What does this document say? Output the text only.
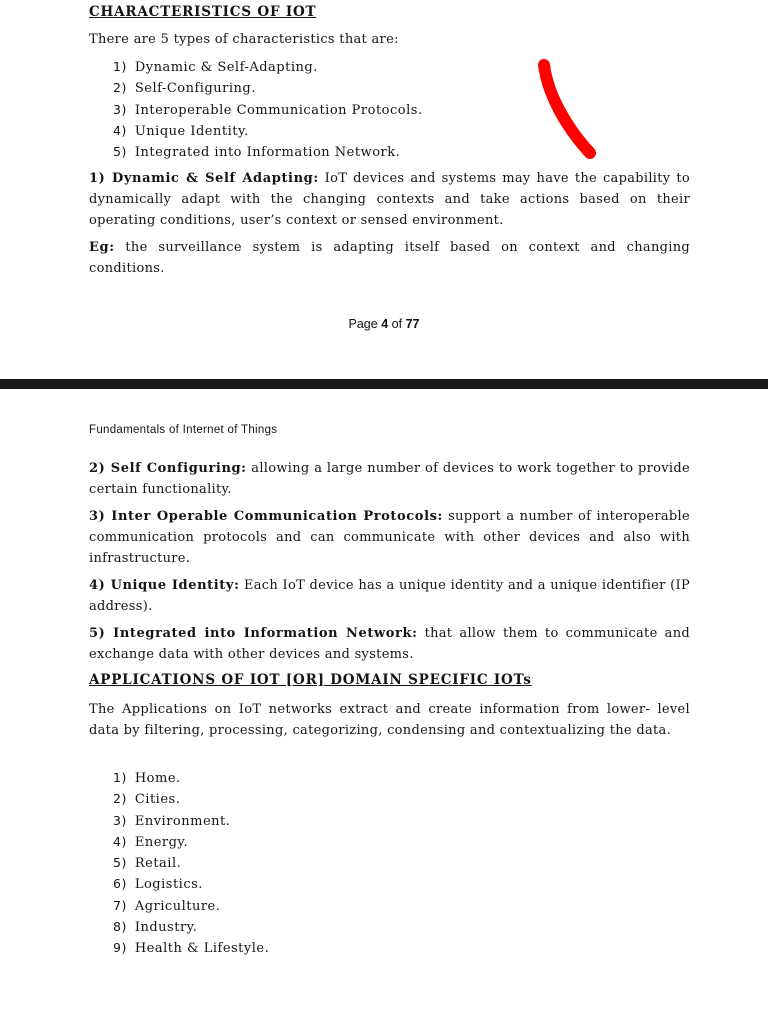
CHARACTERISTICS OF IOT

There are 5 types of characteristics that are:

1) Dynamic & Self-Adapting.
2) Self-Configuring.
3) Interoperable Communication Protocols.
4) Unique Identity.
5) Integrated into Information Network.

1) Dynamic & Self Adapting: IoT devices and systems may have the capability to dynamically adapt with the changing contexts and take actions based on their operating conditions, user’s context or sensed environment.

Eg: the surveillance system is adapting itself based on context and changing conditions.

Page 4 of 77

Fundamentals of Internet of Things

2) Self Configuring: allowing a large number of devices to work together to provide certain functionality.

3) Inter Operable Communication Protocols: support a number of interoperable communication protocols and can communicate with other devices and also with infrastructure.

4) Unique Identity: Each IoT device has a unique identity and a unique identifier (IP address).

5) Integrated into Information Network: that allow them to communicate and exchange data with other devices and systems.

APPLICATIONS OF IOT [OR] DOMAIN SPECIFIC IOTs

The Applications on IoT networks extract and create information from lower- level data by filtering, processing, categorizing, condensing and contextualizing the data.

1) Home.
2) Cities.
3) Environment.
4) Energy.
5) Retail.
6) Logistics.
7) Agriculture.
8) Industry.
9) Health & Lifestyle.
